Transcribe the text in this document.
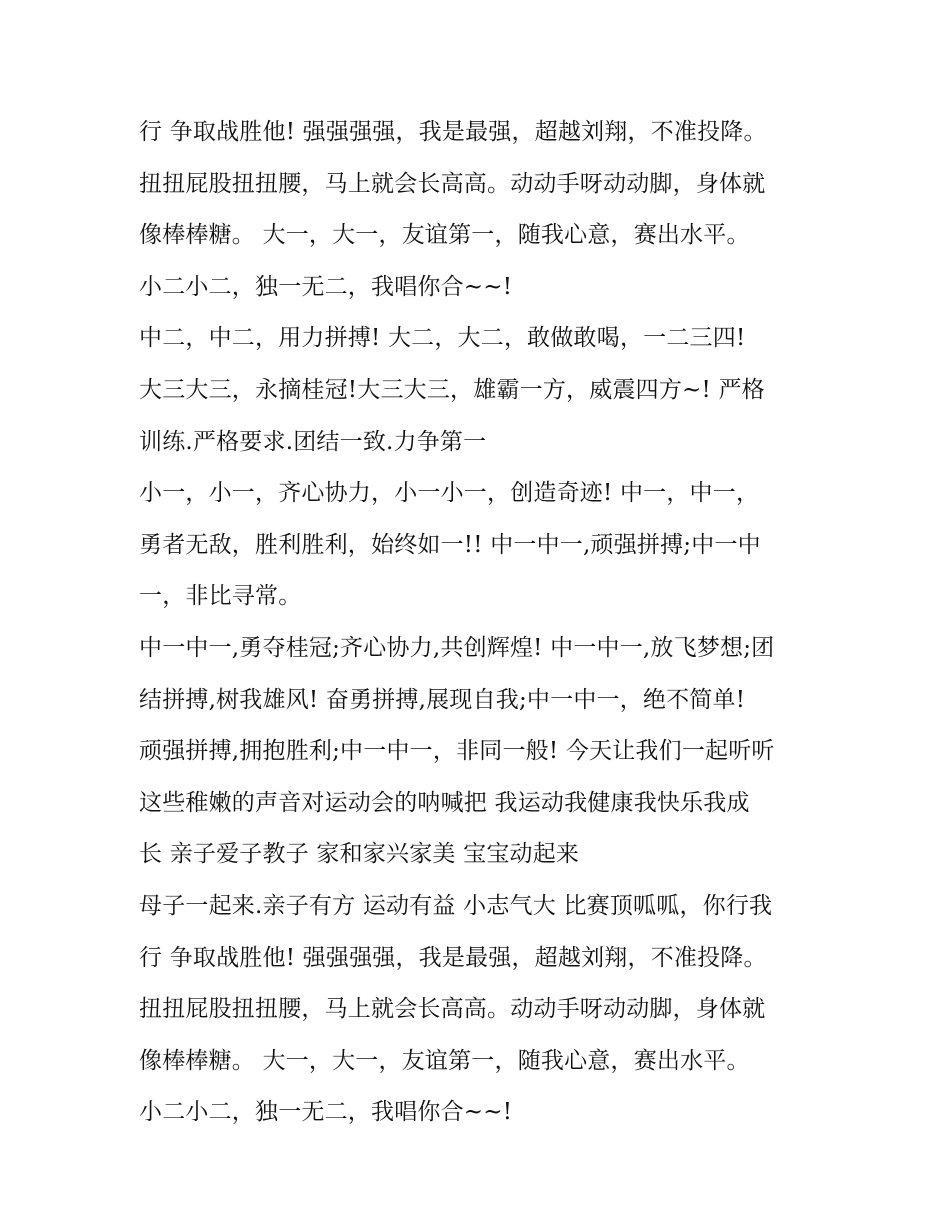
行 争取战胜他! 强强强强，我是最强，超越刘翔，不准投降。
扭扭屁股扭扭腰，马上就会长高高。动动手呀动动脚，身体就
像棒棒糖。 大一，大一，友谊第一，随我心意，赛出水平。
小二小二，独一无二，我唱你合~~!
中二，中二，用力拼搏! 大二，大二，敢做敢喝，一二三四!
大三大三，永摘桂冠!大三大三，雄霸一方，威震四方~! 严格
训练.严格要求.团结一致.力争第一
小一，小一，齐心协力，小一小一，创造奇迹! 中一，中一，
勇者无敌，胜利胜利，始终如一!! 中一中一,顽强拼搏;中一中
一，非比寻常。
中一中一,勇夺桂冠;齐心协力,共创辉煌! 中一中一,放飞梦想;团
结拼搏,树我雄风! 奋勇拼搏,展现自我;中一中一，绝不简单!
顽强拼搏,拥抱胜利;中一中一，非同一般! 今天让我们一起听听
这些稚嫩的声音对运动会的呐喊把 我运动我健康我快乐我成
长 亲子爱子教子 家和家兴家美 宝宝动起来
母子一起来.亲子有方 运动有益 小志气大 比赛顶呱呱，你行我
行 争取战胜他! 强强强强，我是最强，超越刘翔，不准投降。
扭扭屁股扭扭腰，马上就会长高高。动动手呀动动脚，身体就
像棒棒糖。 大一，大一，友谊第一，随我心意，赛出水平。
小二小二，独一无二，我唱你合~~!
